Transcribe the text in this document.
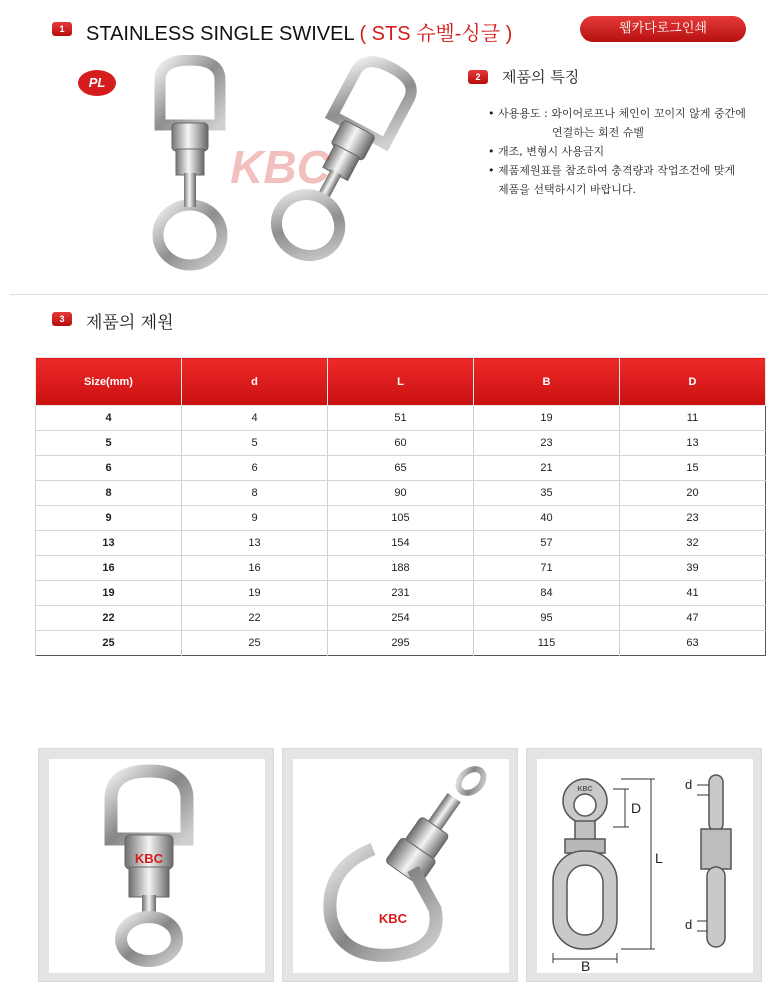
1	STAINLESS SINGLE SWIVEL ( STS 슈벨-싱글 )	웹카다로그인쇄
PL
KBC
2	제품의 특징
• 사용용도 : 와이어로프나 체인이 꼬이지 않게 중간에
연결하는 회전 슈벨
• 개조, 변형시 사용금지
• 제품제원표를 참조하여 충격량과 작업조건에 맞게
제품을 선택하시기 바랍니다.
3	제품의 제원
Size(mm)	d	L	B	D
4	4	51	19	11
5	5	60	23	13
6	6	65	21	15
8	8	90	35	20
9	9	105	40	23
13	13	154	57	32
16	16	188	71	39
19	19	231	84	41
22	22	254	95	47
25	25	295	115	63
KBC
KBC
KBC
D
L
B
d
d
